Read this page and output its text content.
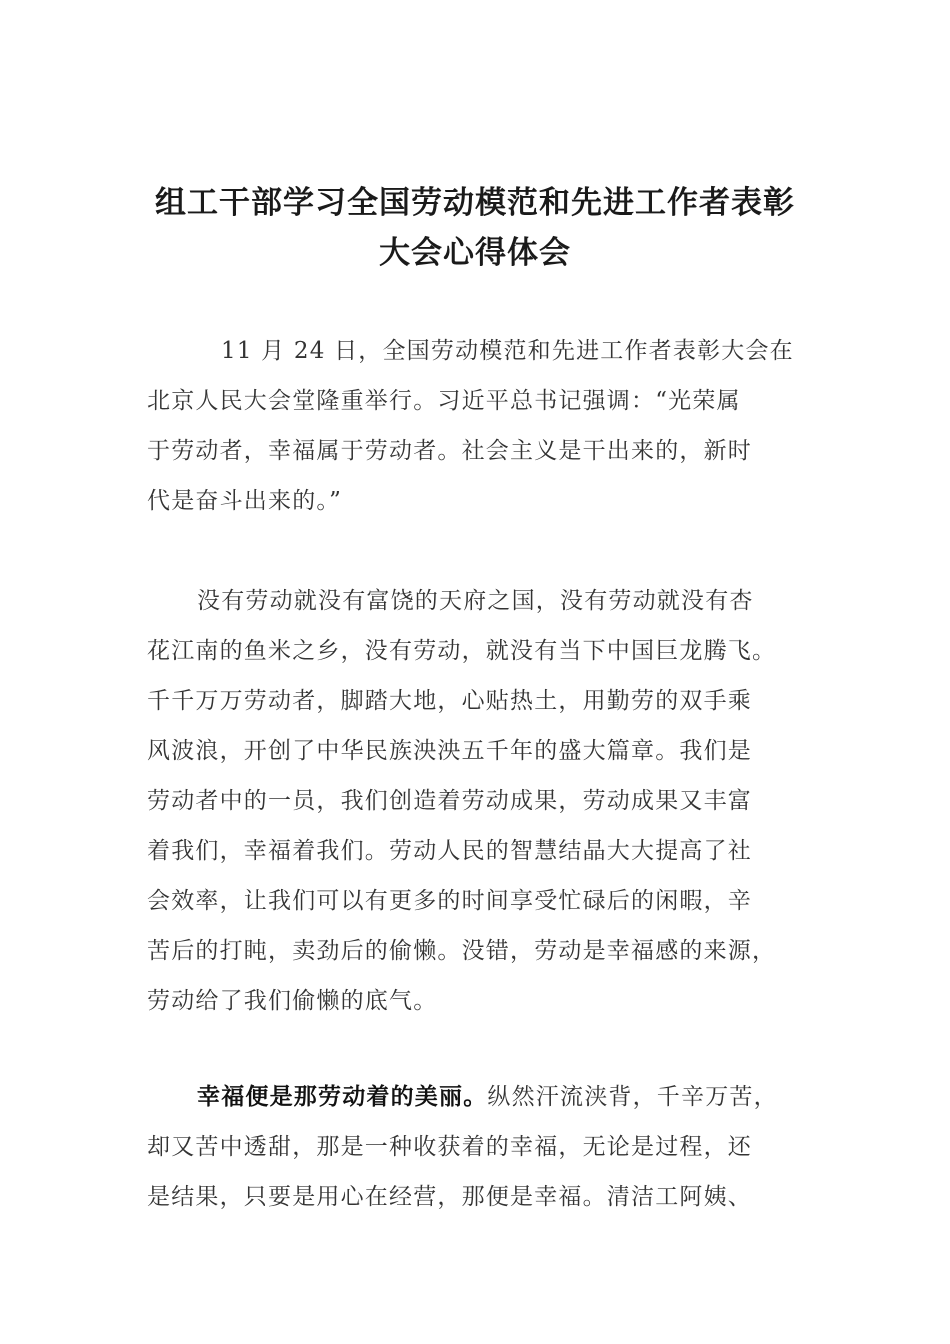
组工干部学习全国劳动模范和先进工作者表彰
大会心得体会
11 月 24 日，全国劳动模范和先进工作者表彰大会在
北京人民大会堂隆重举行。习近平总书记强调：“光荣属
于劳动者，幸福属于劳动者。社会主义是干出来的，新时
代是奋斗出来的。”
没有劳动就没有富饶的天府之国，没有劳动就没有杏
花江南的鱼米之乡，没有劳动，就没有当下中国巨龙腾飞。
千千万万劳动者，脚踏大地，心贴热土，用勤劳的双手乘
风波浪，开创了中华民族泱泱五千年的盛大篇章。我们是
劳动者中的一员，我们创造着劳动成果，劳动成果又丰富
着我们，幸福着我们。劳动人民的智慧结晶大大提高了社
会效率，让我们可以有更多的时间享受忙碌后的闲暇，辛
苦后的打盹，卖劲后的偷懒。没错，劳动是幸福感的来源，
劳动给了我们偷懒的底气。
幸福便是那劳动着的美丽。纵然汗流浃背，千辛万苦，
却又苦中透甜，那是一种收获着的幸福，无论是过程，还
是结果，只要是用心在经营，那便是幸福。清洁工阿姨、
